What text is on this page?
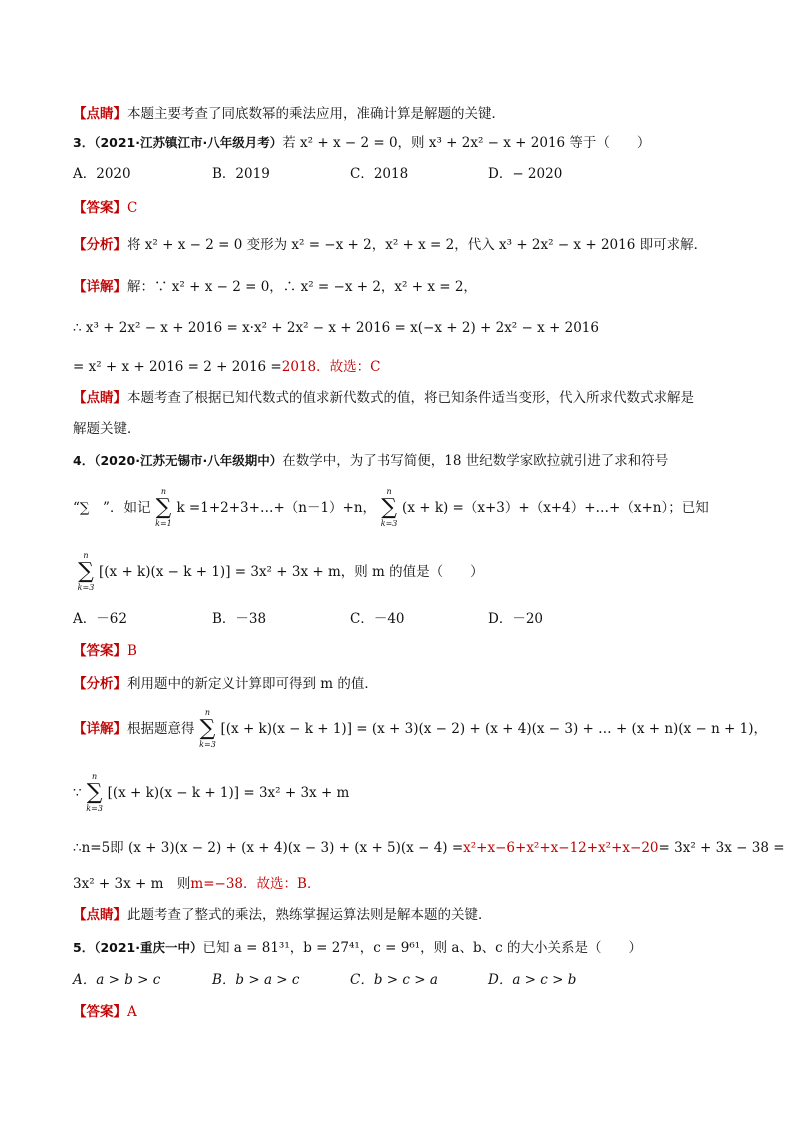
【点睛】本题主要考查了同底数幂的乘法应用，准确计算是解题的关键．
3．（2021·江苏镇江市·八年级月考）若 x² + x − 2 = 0，则 x³ + 2x² − x + 2016 等于（　　）
A．2020	B．2019	C．2018	D．− 2020
【答案】C
【分析】将 x² + x − 2 = 0 变形为 x² = −x + 2，x² + x = 2，代入 x³ + 2x² − x + 2016 即可求解．
【详解】解：∵ x² + x − 2 = 0，∴ x² = −x + 2，x² + x = 2，
∴ x³ + 2x² − x + 2016 = x·x² + 2x² − x + 2016 = x(−x + 2) + 2x² − x + 2016
= x² + x + 2016 = 2 + 2016 =2018．故选：C
【点睛】本题考查了根据已知代数式的值求新代数式的值，将已知条件适当变形，代入所求代数式求解是
解题关键．
4．（2020·江苏无锡市·八年级期中）在数学中，为了书写简便，18 世纪数学家欧拉就引进了求和符号
“∑　”．如记
n
∑
k=1
k =1+2+3+…+（n－1）+n，
n
∑
k=3
(x + k) =（x+3）+（x+4）+…+（x+n）；已知
n
∑
k=3
[(x + k)(x − k + 1)] = 3x² + 3x + m，则 m 的值是（　　）
A．－62	B．－38	C．－40	D．－20
【答案】B
【分析】利用题中的新定义计算即可得到 m 的值．
【详解】根据题意得
n
∑
k=3
[(x + k)(x − k + 1)] = (x + 3)(x − 2) + (x + 4)(x − 3) + … + (x + n)(x − n + 1)，
∵
n
∑
k=3
[(x + k)(x − k + 1)] = 3x² + 3x + m
∴n=5即 (x + 3)(x − 2) + (x + 4)(x − 3) + (x + 5)(x − 4) =x²+x−6+x²+x−12+x²+x−20= 3x² + 3x − 38 =
3x² + 3x + m　则m=−38．故选：B．
【点睛】此题考查了整式的乘法，熟练掌握运算法则是解本题的关键．
5．（2021·重庆一中）已知 a = 81³¹，b = 27⁴¹，c = 9⁶¹，则 a、b、c 的大小关系是（　　）
A．a > b > c	B．b > a > c	C．b > c > a	D．a > c > b
【答案】A
